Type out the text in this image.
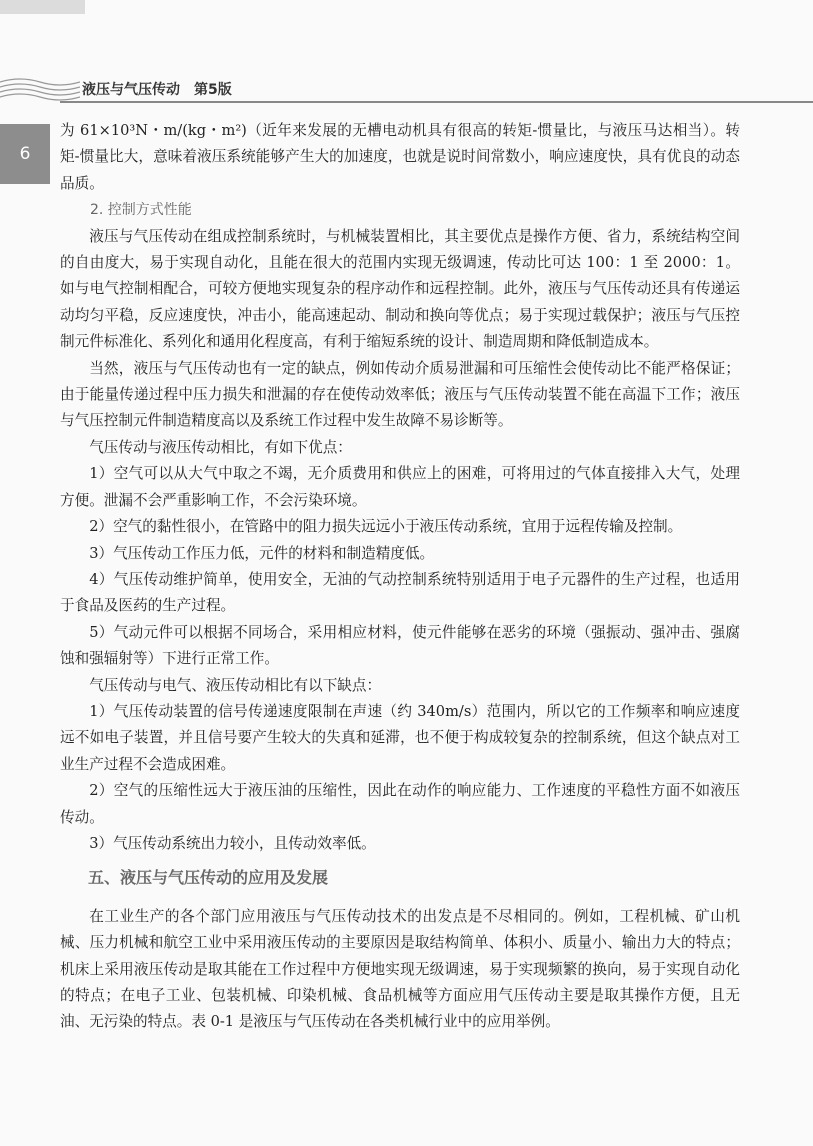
液压与气压传动　第5版
6

为 61×10³N・m/(kg・m²)（近年来发展的无槽电动机具有很高的转矩-惯量比，与液压马达相当）。转矩-惯量比大，意味着液压系统能够产生大的加速度，也就是说时间常数小，响应速度快，具有优良的动态品质。

2. 控制方式性能

液压与气压传动在组成控制系统时，与机械装置相比，其主要优点是操作方便、省力，系统结构空间的自由度大，易于实现自动化，且能在很大的范围内实现无级调速，传动比可达 100：1 至 2000：1。如与电气控制相配合，可较方便地实现复杂的程序动作和远程控制。此外，液压与气压传动还具有传递运动均匀平稳，反应速度快，冲击小，能高速起动、制动和换向等优点；易于实现过载保护；液压与气压控制元件标准化、系列化和通用化程度高，有利于缩短系统的设计、制造周期和降低制造成本。

当然，液压与气压传动也有一定的缺点，例如传动介质易泄漏和可压缩性会使传动比不能严格保证；由于能量传递过程中压力损失和泄漏的存在使传动效率低；液压与气压传动装置不能在高温下工作；液压与气压控制元件制造精度高以及系统工作过程中发生故障不易诊断等。

气压传动与液压传动相比，有如下优点：

1）空气可以从大气中取之不竭，无介质费用和供应上的困难，可将用过的气体直接排入大气，处理方便。泄漏不会严重影响工作，不会污染环境。

2）空气的黏性很小，在管路中的阻力损失远远小于液压传动系统，宜用于远程传输及控制。

3）气压传动工作压力低，元件的材料和制造精度低。

4）气压传动维护简单，使用安全，无油的气动控制系统特别适用于电子元器件的生产过程，也适用于食品及医药的生产过程。

5）气动元件可以根据不同场合，采用相应材料，使元件能够在恶劣的环境（强振动、强冲击、强腐蚀和强辐射等）下进行正常工作。

气压传动与电气、液压传动相比有以下缺点：

1）气压传动装置的信号传递速度限制在声速（约 340m/s）范围内，所以它的工作频率和响应速度远不如电子装置，并且信号要产生较大的失真和延滞，也不便于构成较复杂的控制系统，但这个缺点对工业生产过程不会造成困难。

2）空气的压缩性远大于液压油的压缩性，因此在动作的响应能力、工作速度的平稳性方面不如液压传动。

3）气压传动系统出力较小，且传动效率低。

五、液压与气压传动的应用及发展

在工业生产的各个部门应用液压与气压传动技术的出发点是不尽相同的。例如，工程机械、矿山机械、压力机械和航空工业中采用液压传动的主要原因是取结构简单、体积小、质量小、输出力大的特点；机床上采用液压传动是取其能在工作过程中方便地实现无级调速，易于实现频繁的换向，易于实现自动化的特点；在电子工业、包装机械、印染机械、食品机械等方面应用气压传动主要是取其操作方便，且无油、无污染的特点。表 0-1 是液压与气压传动在各类机械行业中的应用举例。
